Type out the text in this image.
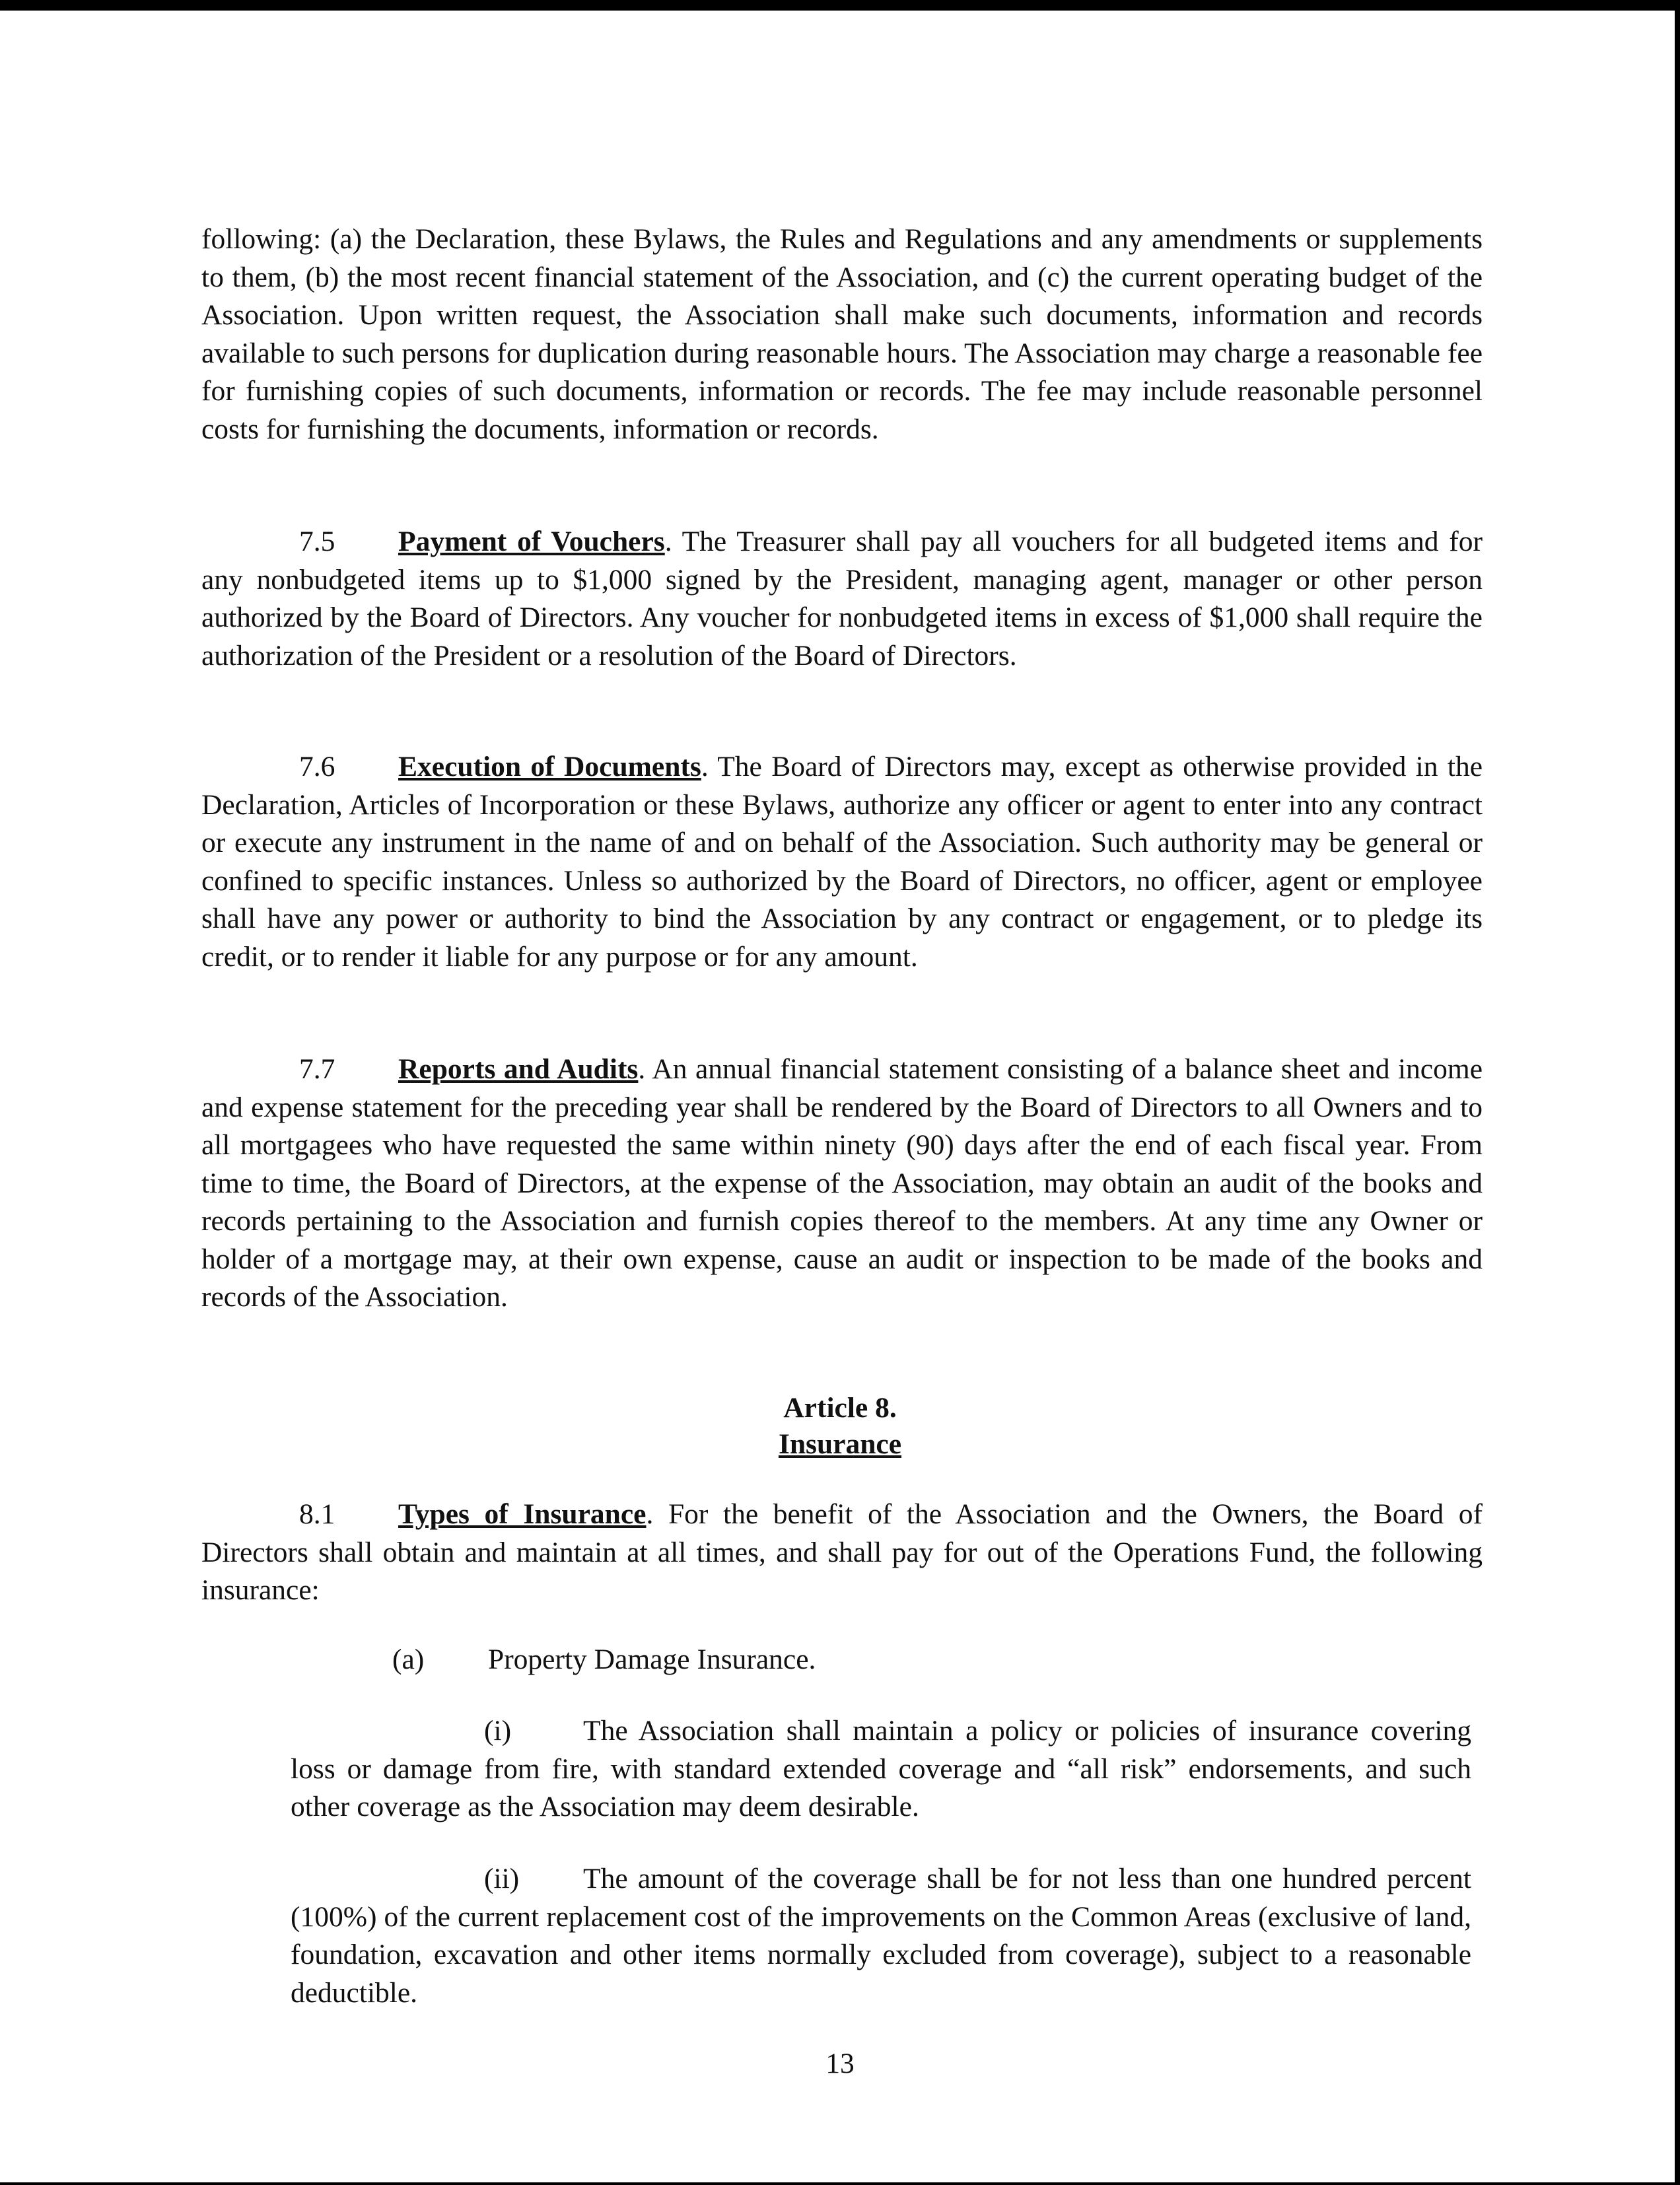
following: (a) the Declaration, these Bylaws, the Rules and Regulations and any amendments or supplements to them, (b) the most recent financial statement of the Association, and (c) the current operating budget of the Association. Upon written request, the Association shall make such documents, information and records available to such persons for duplication during reasonable hours. The Association may charge a reasonable fee for furnishing copies of such documents, information or records. The fee may include reasonable personnel costs for furnishing the documents, information or records.

7.5 Payment of Vouchers. The Treasurer shall pay all vouchers for all budgeted items and for any nonbudgeted items up to $1,000 signed by the President, managing agent, manager or other person authorized by the Board of Directors. Any voucher for nonbudgeted items in excess of $1,000 shall require the authorization of the President or a resolution of the Board of Directors.

7.6 Execution of Documents. The Board of Directors may, except as otherwise provided in the Declaration, Articles of Incorporation or these Bylaws, authorize any officer or agent to enter into any contract or execute any instrument in the name of and on behalf of the Association. Such authority may be general or confined to specific instances. Unless so authorized by the Board of Directors, no officer, agent or employee shall have any power or authority to bind the Association by any contract or engagement, or to pledge its credit, or to render it liable for any purpose or for any amount.

7.7 Reports and Audits. An annual financial statement consisting of a balance sheet and income and expense statement for the preceding year shall be rendered by the Board of Directors to all Owners and to all mortgagees who have requested the same within ninety (90) days after the end of each fiscal year. From time to time, the Board of Directors, at the expense of the Association, may obtain an audit of the books and records pertaining to the Association and furnish copies thereof to the members. At any time any Owner or holder of a mortgage may, at their own expense, cause an audit or inspection to be made of the books and records of the Association.

Article 8.

Insurance

8.1 Types of Insurance. For the benefit of the Association and the Owners, the Board of Directors shall obtain and maintain at all times, and shall pay for out of the Operations Fund, the following insurance:

(a) Property Damage Insurance.

(i)	The Association shall maintain a policy or policies of insurance covering loss or damage from fire, with standard extended coverage and “all risk” endorsements, and such other coverage as the Association may deem desirable.

(ii) The amount of the coverage shall be for not less than one hundred percent (100%) of the current replacement cost of the improvements on the Common Areas (exclusive of land, foundation, excavation and other items normally excluded from coverage), subject to a reasonable deductible.

13
